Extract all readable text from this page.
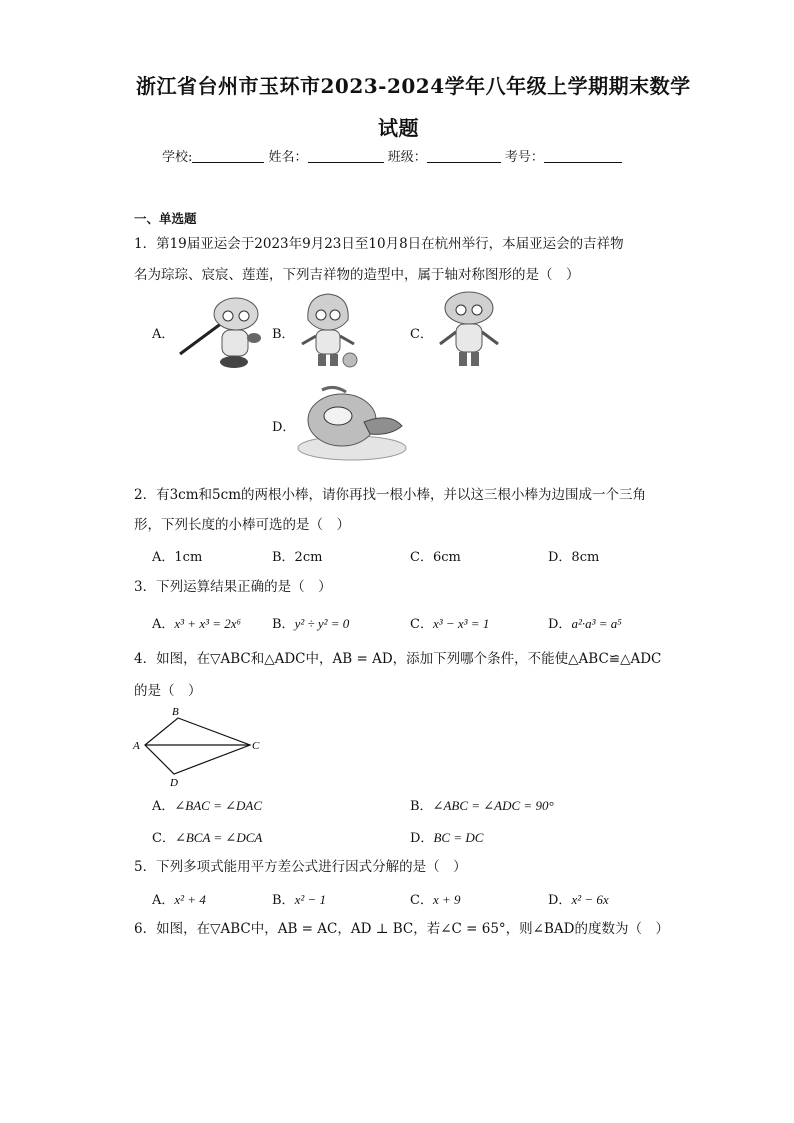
浙江省台州市玉环市2023-2024学年八年级上学期期末数学
试题
学校:	姓名：	班级：	考号：
一、单选题
1．第19届亚运会于2023年9月23日至10月8日在杭州举行，本届亚运会的吉祥物
名为琮琮、宸宸、莲莲，下列吉祥物的造型中，属于轴对称图形的是（　）
A．	B．	C．
D．
2．有3cm和5cm的两根小棒，请你再找一根小棒，并以这三根小棒为边围成一个三角
形，下列长度的小棒可选的是（　）
A．1cm	B．2cm	C．6cm	D．8cm
3．下列运算结果正确的是（　）
A．x³ + x³ = 2x⁶ B．y² ÷ y² = 0	C．x³ − x³ = 1	D．a²·a³ = a⁵
4．如图，在▽ABC和△ADC中，AB = AD，添加下列哪个条件，不能使△ABC≌△ADC
的是（　）
A
B
C
D
A．∠BAC = ∠DAC	B．∠ABC = ∠ADC = 90°
C．∠BCA = ∠DCA	D．BC = DC
5．下列多项式能用平方差公式进行因式分解的是（　）
A．x² + 4	B．x² − 1	C．x + 9	D．x² − 6x
6．如图，在▽ABC中，AB = AC，AD ⊥ BC，若∠C = 65°，则∠BAD的度数为（　）
